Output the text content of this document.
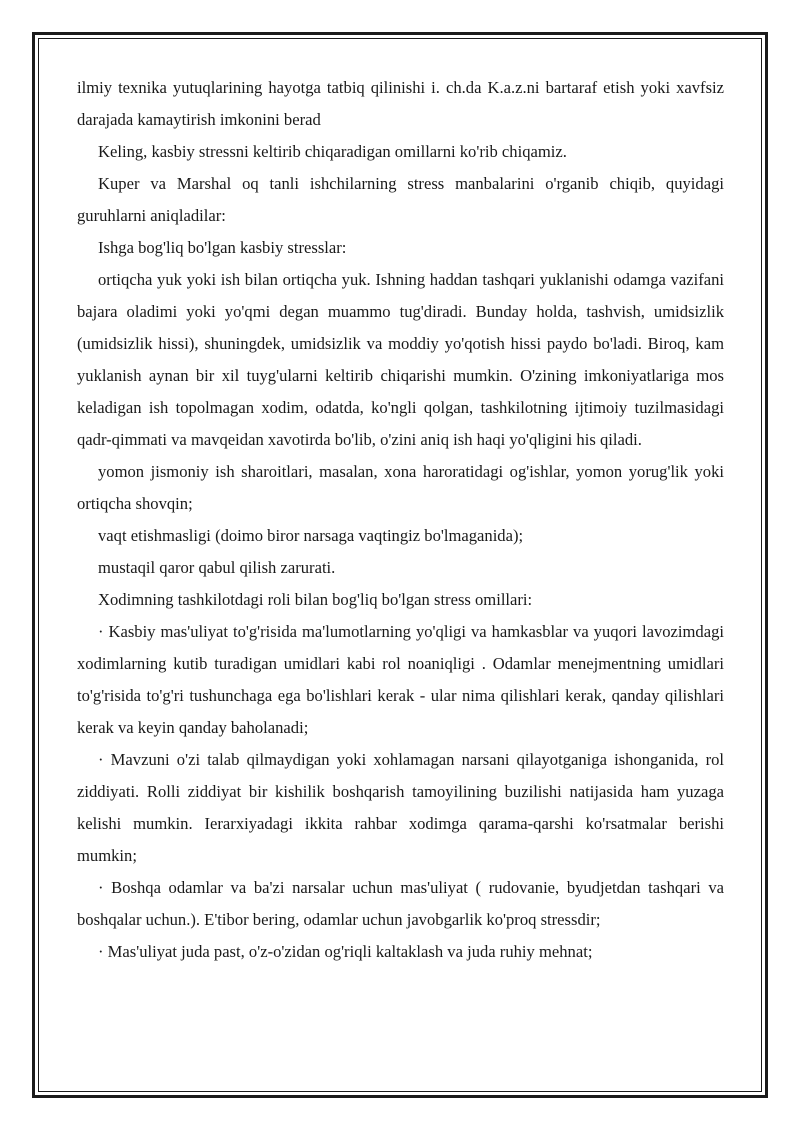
ilmiy texnika yutuqlarining hayotga tatbiq qilinishi i. ch.da K.a.z.ni bartaraf etish yoki xavfsiz darajada kamaytirish imkonini berad

Keling, kasbiy stressni keltirib chiqaradigan omillarni ko'rib chiqamiz.

Kuper va Marshal oq tanli ishchilarning stress manbalarini o'rganib chiqib, quyidagi guruhlarni aniqladilar:

Ishga bog'liq bo'lgan kasbiy stresslar:

ortiqcha yuk yoki ish bilan ortiqcha yuk. Ishning haddan tashqari yuklanishi odamga vazifani bajara oladimi yoki yo'qmi degan muammo tug'diradi. Bunday holda, tashvish, umidsizlik (umidsizlik hissi), shuningdek, umidsizlik va moddiy yo'qotish hissi paydo bo'ladi. Biroq, kam yuklanish aynan bir xil tuyg'ularni keltirib chiqarishi mumkin. O'zining imkoniyatlariga mos keladigan ish topolmagan xodim, odatda, ko'ngli qolgan, tashkilotning ijtimoiy tuzilmasidagi qadr-qimmati va mavqeidan xavotirda bo'lib, o'zini aniq ish haqi yo'qligini his qiladi.

yomon jismoniy ish sharoitlari, masalan, xona haroratidagi og'ishlar, yomon yorug'lik yoki ortiqcha shovqin;

vaqt etishmasligi (doimo biror narsaga vaqtingiz bo'lmaganida);

mustaqil qaror qabul qilish zarurati.

Xodimning tashkilotdagi roli bilan bog'liq bo'lgan stress omillari:

· Kasbiy mas'uliyat to'g'risida ma'lumotlarning yo'qligi va hamkasblar va yuqori lavozimdagi xodimlarning kutib turadigan umidlari kabi rol noaniqligi . Odamlar menejmentning umidlari to'g'risida to'g'ri tushunchaga ega bo'lishlari kerak - ular nima qilishlari kerak, qanday qilishlari kerak va keyin qanday baholanadi;

· Mavzuni o'zi talab qilmaydigan yoki xohlamagan narsani qilayotganiga ishonganida, rol ziddiyati. Rolli ziddiyat bir kishilik boshqarish tamoyilining buzilishi natijasida ham yuzaga kelishi mumkin. Ierarxiyadagi ikkita rahbar xodimga qarama-qarshi ko'rsatmalar berishi mumkin;

· Boshqa odamlar va ba'zi narsalar uchun mas'uliyat ( rudovanie, byudjetdan tashqari va boshqalar uchun.). E'tibor bering, odamlar uchun javobgarlik ko'proq stressdir;

· Mas'uliyat juda past, o'z-o'zidan og'riqli kaltaklash va juda ruhiy mehnat;
